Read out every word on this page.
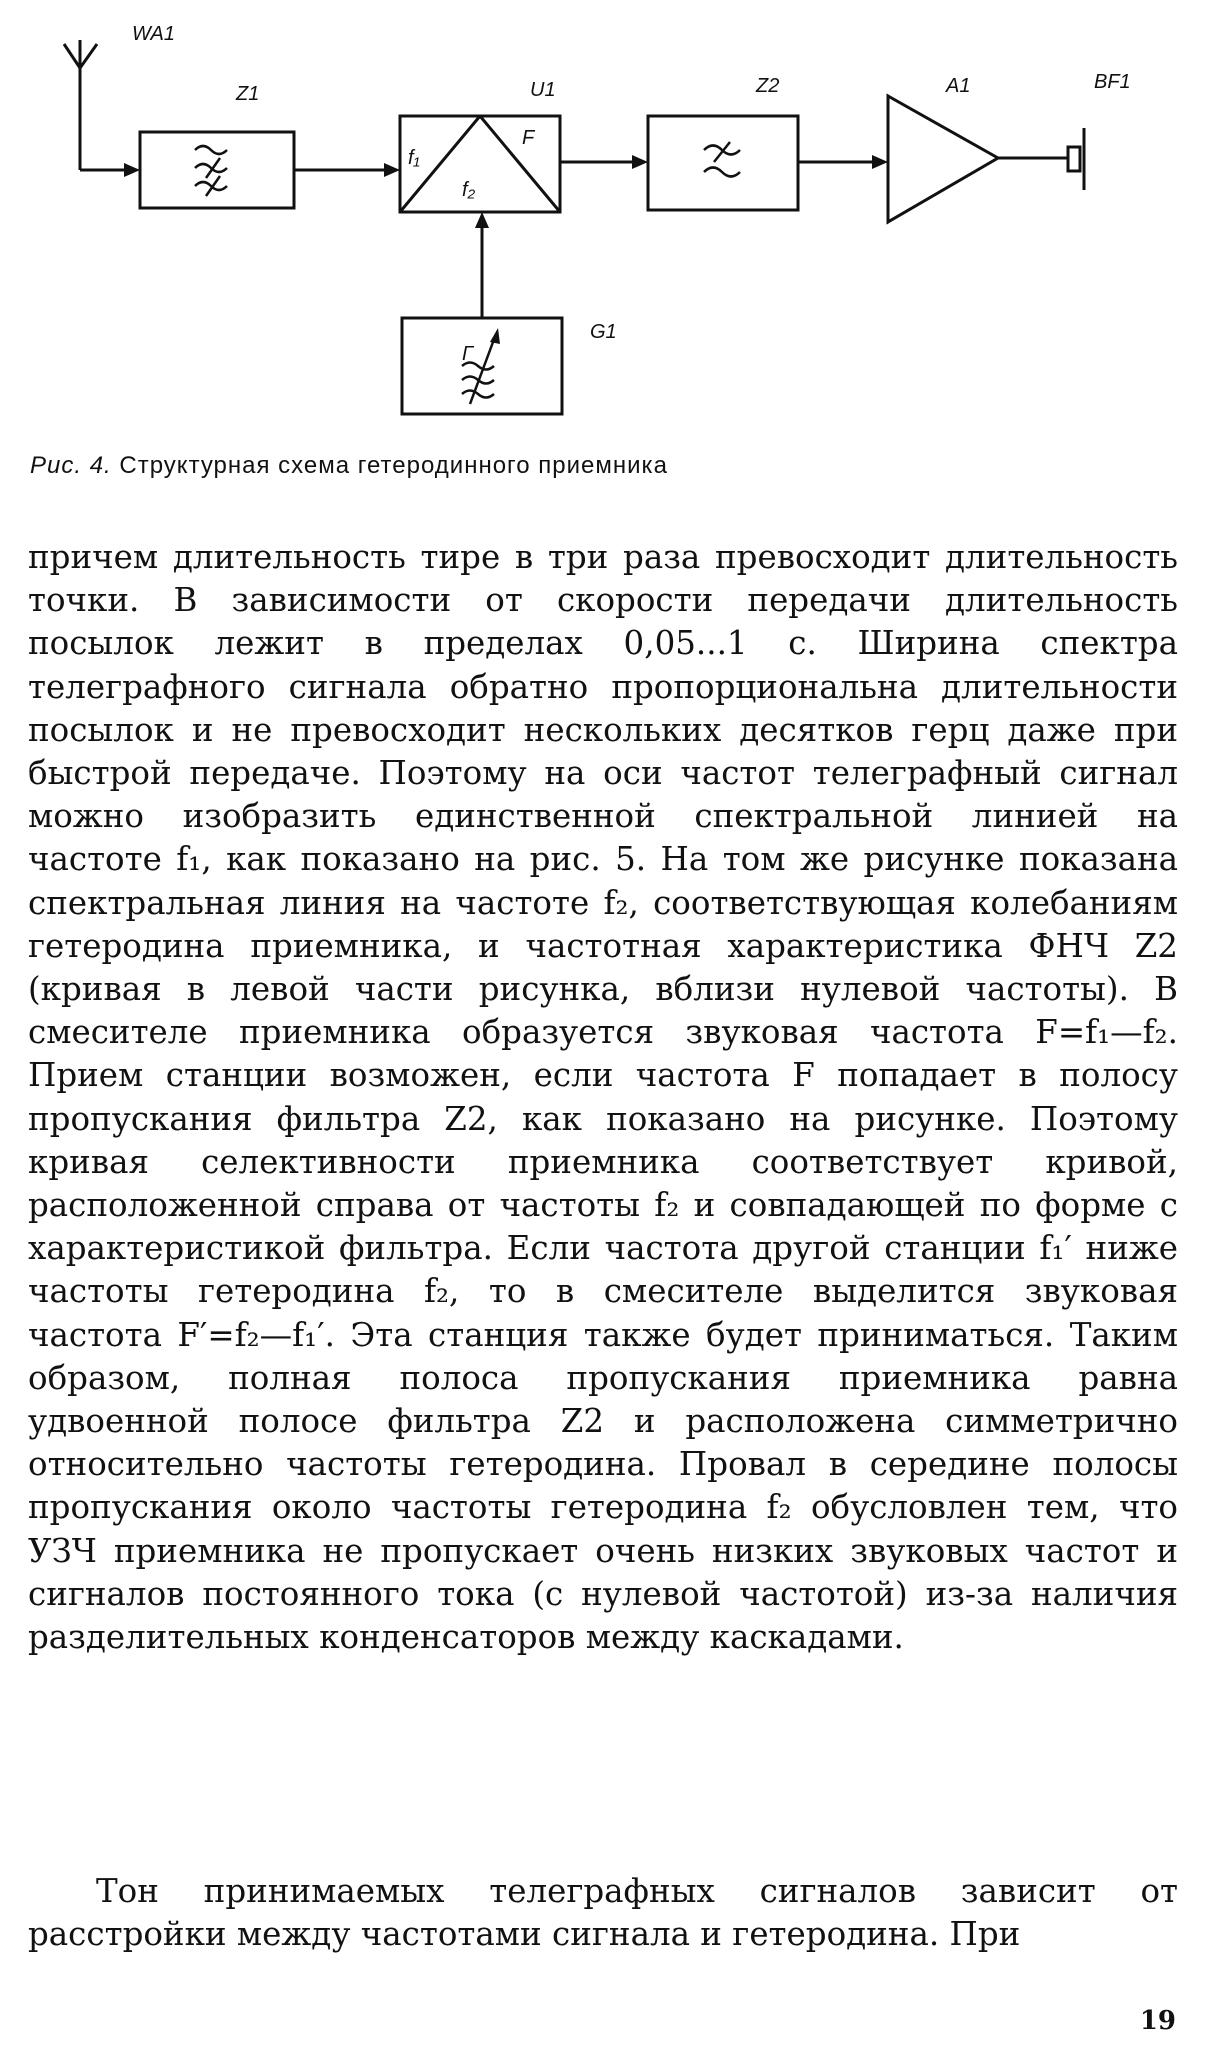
WA1
Z1	U1	Z2	A1	BF1
G1
f₁
f₂
F
Г
Рис. 4. Структурная схема гетеродинного приемника

причем длительность тире в три раза превосходит длительность точки. В зависимости от скорости передачи длительность посылок лежит в пределах 0,05...1 с. Ширина спектра телеграфного сигнала обратно пропорциональна длительности посылок и не превосходит нескольких десятков герц даже при быстрой передаче. Поэтому на оси частот телеграфный сигнал можно изобразить единственной спектральной линией на частоте f₁, как показано на рис. 5. На том же рисунке показана спектральная линия на частоте f₂, соответствующая колебаниям гетеродина приемника, и частотная характеристика ФНЧ Z2 (кривая в левой части рисунка, вблизи нулевой частоты). В смесителе приемника образуется звуковая частота F=f₁—f₂. Прием станции возможен, если частота F попадает в полосу пропускания фильтра Z2, как показано на рисунке. Поэтому кривая селективности приемника соответствует кривой, расположенной справа от частоты f₂ и совпадающей по форме с характеристикой фильтра. Если частота другой станции f₁′ ниже частоты гетеродина f₂, то в смесителе выделится звуковая частота F′=f₂—f₁′. Эта станция также будет приниматься. Таким образом, полная полоса пропускания приемника равна удвоенной полосе фильтра Z2 и расположена симметрично относительно частоты гетеродина. Провал в середине полосы пропускания около частоты гетеродина f₂ обусловлен тем, что УЗЧ приемника не пропускает очень низких звуковых частот и сигналов постоянного тока (с нулевой частотой) из-за наличия разделительных конденсаторов между каскадами.

Тон принимаемых телеграфных сигналов зависит от расстройки между частотами сигнала и гетеродина. При
19
